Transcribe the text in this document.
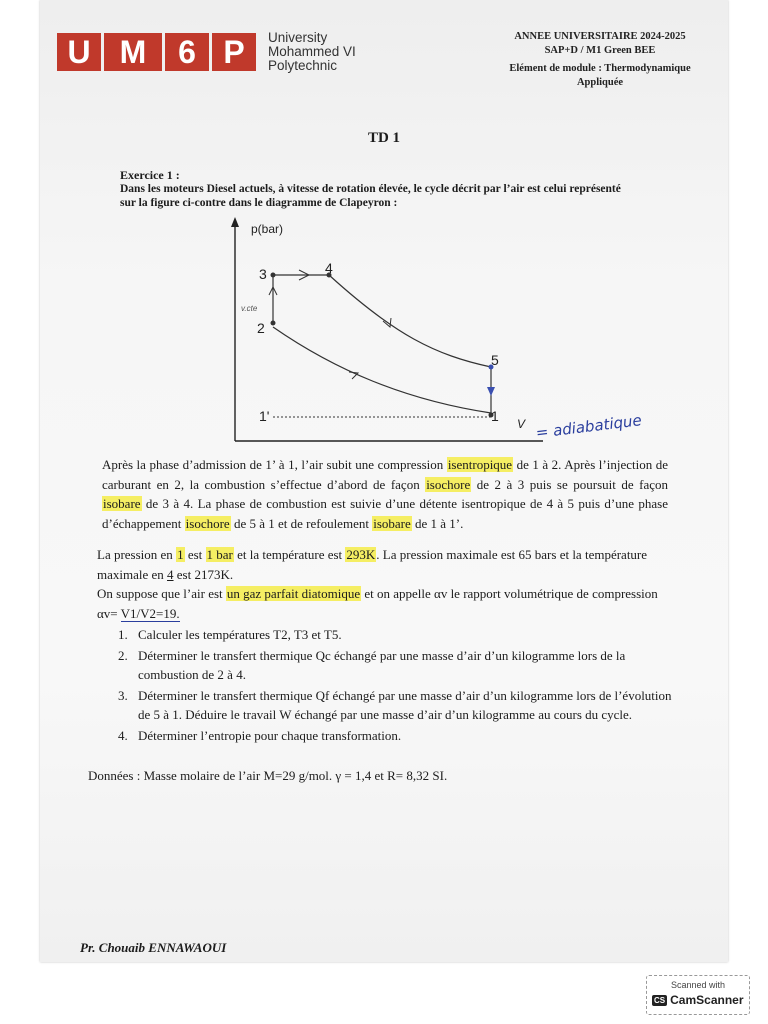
U M 6 P	University
Mohammed VI
Polytechnic
ANNEE UNIVERSITAIRE 2024-2025
SAP+D / M1 Green BEE
Elément de module : Thermodynamique
Appliquée
TD 1
Exercice 1 :
Dans les moteurs Diesel actuels, à vitesse de rotation élevée, le cycle décrit par l’air est celui représenté sur la figure ci-contre dans le diagramme de Clapeyron :
p(bar)
V
3	4
2
5
1'	1
v.cte
= adiabatique
Après la phase d’admission de 1’ à 1, l’air subit une compression isentropique de 1 à 2. Après l’injection de carburant en 2, la combustion s’effectue d’abord de façon isochore de 2 à 3 puis se poursuit de façon isobare de 3 à 4. La phase de combustion est suivie d’une détente isentropique de 4 à 5 puis d’une phase d’échappement isochore de 5 à 1 et de refoulement isobare de 1 à 1’.
La pression en 1 est 1 bar et la température est 293K. La pression maximale est 65 bars et la température maximale en 4 est 2173K.
On suppose que l’air est un gaz parfait diatomique et on appelle αv le rapport volumétrique de compression αv= V1/V2=19.
1. Calculer les températures T2, T3 et T5.
2. Déterminer le transfert thermique Qc échangé par une masse d’air d’un kilogramme lors de la combustion de 2 à 4.
3. Déterminer le transfert thermique Qf échangé par une masse d’air d’un kilogramme lors de l’évolution de 5 à 1. Déduire le travail W échangé par une masse d’air d’un kilogramme au cours du cycle.
4. Déterminer l’entropie pour chaque transformation.
Données : Masse molaire de l’air M=29 g/mol. γ = 1,4 et R= 8,32 SI.
Pr. Chouaib ENNAWAOUI
Scanned with
CS CamScanner
